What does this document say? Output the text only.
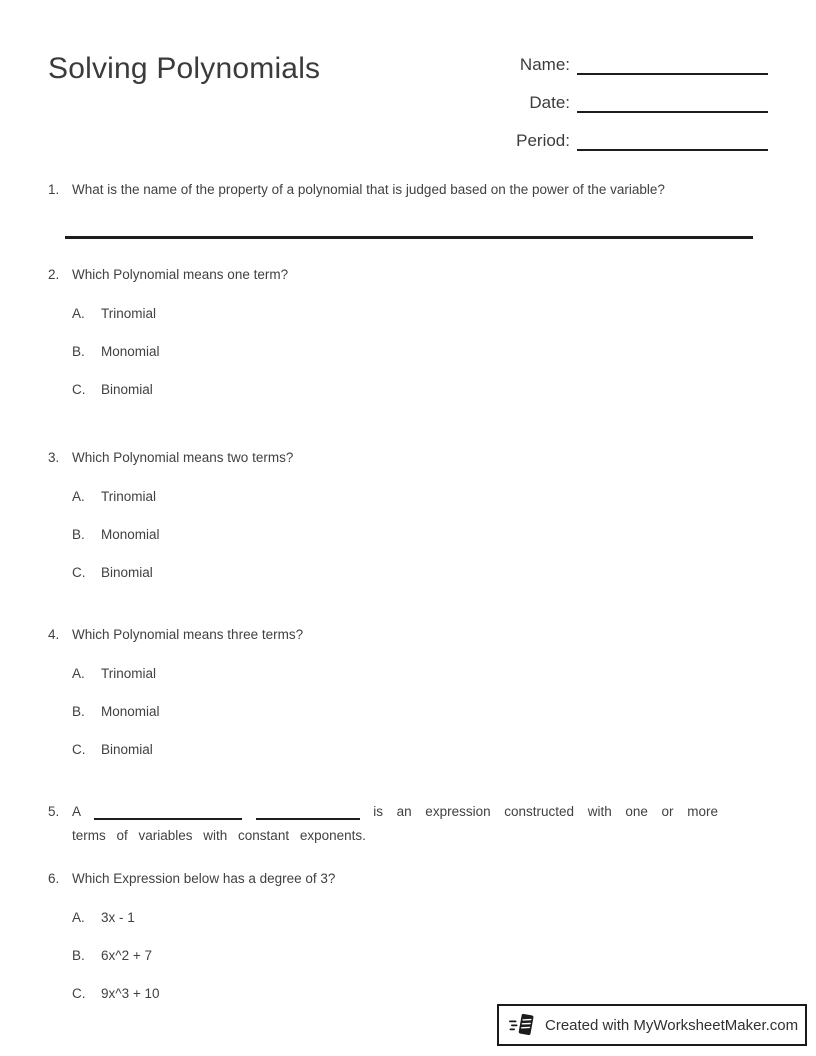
Solving Polynomials	Name:
Date:
Period:
1. What is the name of the property of a polynomial that is judged based on the power of the variable?
2. Which Polynomial means one term?
A.	Trinomial
B.	Monomial
C.	Binomial
3. Which Polynomial means two terms?
A.	Trinomial
B.	Monomial
C.	Binomial
4. Which Polynomial means three terms?
A.	Trinomial
B.	Monomial
C.	Binomial
5. A	is an expression constructed with one or more
terms of variables with constant exponents.
6. Which Expression below has a degree of 3?
A.	3x - 1
B.	6x^2 + 7
C.	9x^3 + 10
Created with MyWorksheetMaker.com
